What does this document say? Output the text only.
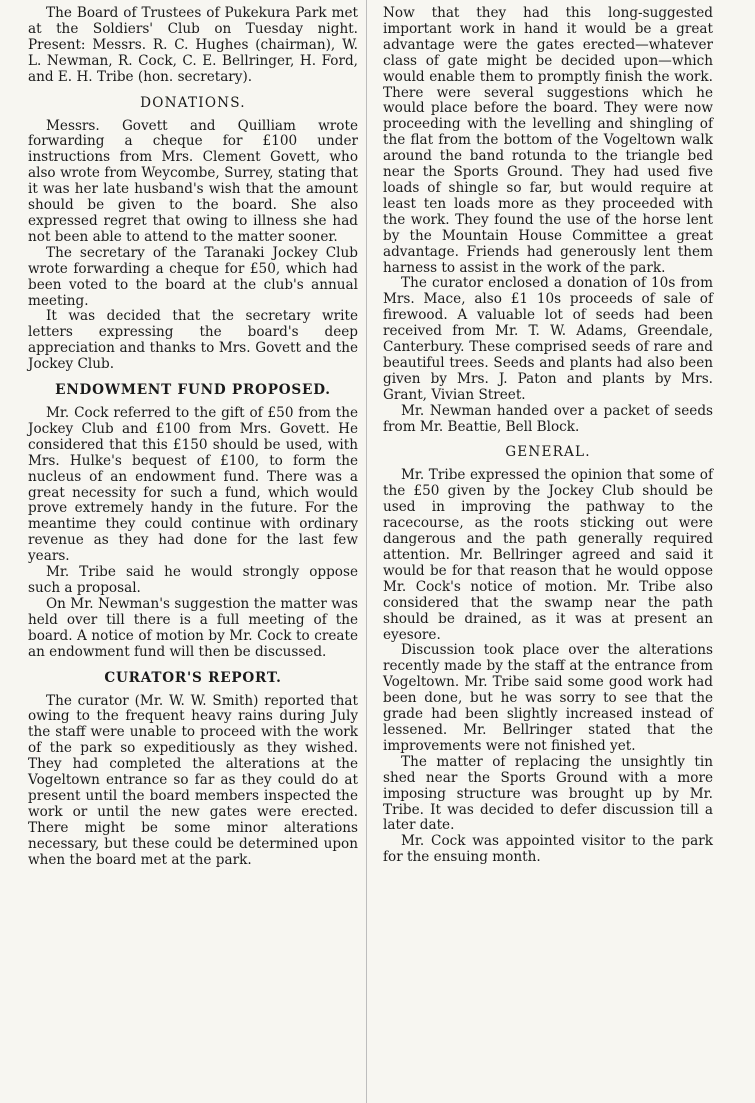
The Board of Trustees of Pukekura Park met at the Soldiers' Club on Tuesday night. Present: Messrs. R. C. Hughes (chairman), W. L. Newman, R. Cock, C. E. Bellringer, H. Ford, and E. H. Tribe (hon. secretary).

DONATIONS.

Messrs. Govett and Quilliam wrote forwarding a cheque for £100 under instructions from Mrs. Clement Govett, who also wrote from Weycombe, Surrey, stating that it was her late husband's wish that the amount should be given to the board. She also expressed regret that owing to illness she had not been able to attend to the matter sooner.

The secretary of the Taranaki Jockey Club wrote forwarding a cheque for £50, which had been voted to the board at the club's annual meeting.

It was decided that the secretary write letters expressing the board's deep appreciation and thanks to Mrs. Govett and the Jockey Club.

ENDOWMENT FUND PROPOSED.

Mr. Cock referred to the gift of £50 from the Jockey Club and £100 from Mrs. Govett. He considered that this £150 should be used, with Mrs. Hulke's bequest of £100, to form the nucleus of an endowment fund. There was a great necessity for such a fund, which would prove extremely handy in the future. For the meantime they could continue with ordinary revenue as they had done for the last few years.

Mr. Tribe said he would strongly oppose such a proposal.

On Mr. Newman's suggestion the matter was held over till there is a full meeting of the board. A notice of motion by Mr. Cock to create an endowment fund will then be discussed.

CURATOR'S REPORT.

The curator (Mr. W. W. Smith) reported that owing to the frequent heavy rains during July the staff were unable to proceed with the work of the park so expeditiously as they wished. They had completed the alterations at the Vogeltown entrance so far as they could do at present until the board members inspected the work or until the new gates were erected. There might be some minor alterations necessary, but these could be determined upon when the board met at the park.

Now that they had this long-suggested important work in hand it would be a great advantage were the gates erected—whatever class of gate might be decided upon—which would enable them to promptly finish the work. There were several suggestions which he would place before the board. They were now proceeding with the levelling and shingling of the flat from the bottom of the Vogeltown walk around the band rotunda to the triangle bed near the Sports Ground. They had used five loads of shingle so far, but would require at least ten loads more as they proceeded with the work. They found the use of the horse lent by the Mountain House Committee a great advantage. Friends had generously lent them harness to assist in the work of the park.

The curator enclosed a donation of 10s from Mrs. Mace, also £1 10s proceeds of sale of firewood. A valuable lot of seeds had been received from Mr. T. W. Adams, Greendale, Canterbury. These comprised seeds of rare and beautiful trees. Seeds and plants had also been given by Mrs. J. Paton and plants by Mrs. Grant, Vivian Street.

Mr. Newman handed over a packet of seeds from Mr. Beattie, Bell Block.

GENERAL.

Mr. Tribe expressed the opinion that some of the £50 given by the Jockey Club should be used in improving the pathway to the racecourse, as the roots sticking out were dangerous and the path generally required attention. Mr. Bellringer agreed and said it would be for that reason that he would oppose Mr. Cock's notice of motion. Mr. Tribe also considered that the swamp near the path should be drained, as it was at present an eyesore.

Discussion took place over the alterations recently made by the staff at the entrance from Vogeltown. Mr. Tribe said some good work had been done, but he was sorry to see that the grade had been slightly increased instead of lessened. Mr. Bellringer stated that the improvements were not finished yet.

The matter of replacing the unsightly tin shed near the Sports Ground with a more imposing structure was brought up by Mr. Tribe. It was decided to defer discussion till a later date.

Mr. Cock was appointed visitor to the park for the ensuing month.
